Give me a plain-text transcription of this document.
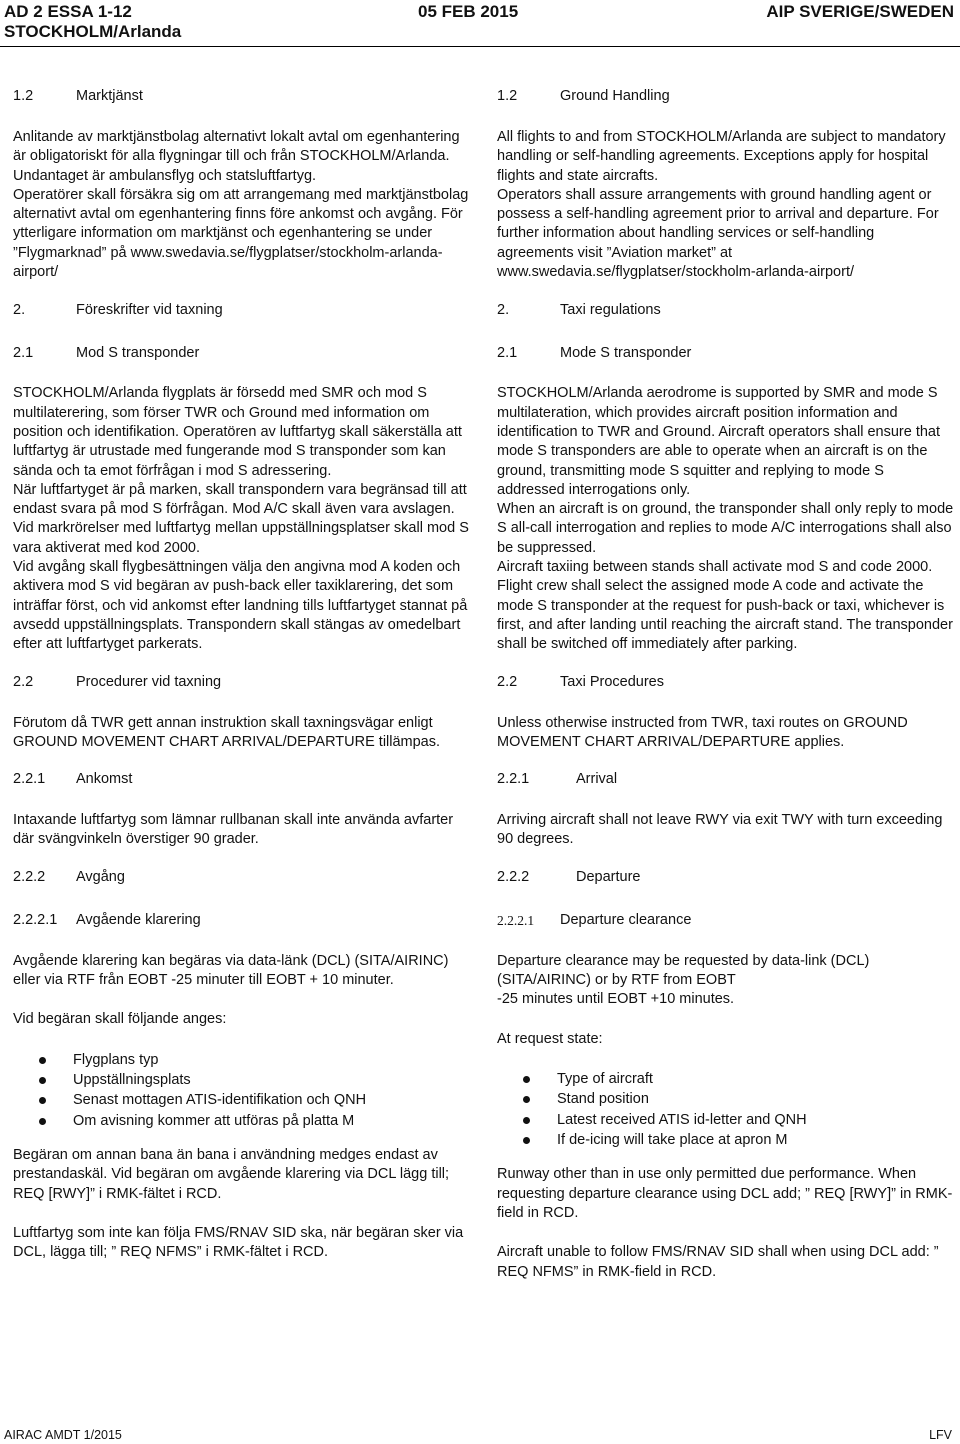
AD 2 ESSA 1-12
STOCKHOLM/Arlanda
05 FEB 2015	AIP SVERIGE/SWEDEN
1.2	Marktjänst

Anlitande av marktjänstbolag alternativt lokalt avtal om egenhantering är obligatoriskt för alla flygningar till och från STOCKHOLM/Arlanda. Undantaget är ambulansflyg och statsluftfartyg.

Operatörer skall försäkra sig om att arrangemang med marktjänstbolag alternativt avtal om egenhantering finns före ankomst och avgång. För ytterligare information om marktjänst och egenhantering se under ”Flygmarknad” på www.swedavia.se/flygplatser/stockholm-arlanda-airport/

2.	Föreskrifter vid taxning
2.1	Mod S transponder

STOCKHOLM/Arlanda flygplats är försedd med SMR och mod S multilaterering, som förser TWR och Ground med information om position och identifikation. Operatören av luftfartyg skall säkerställa att luftfartyg är utrustade med fungerande mod S transponder som kan sända och ta emot förfrågan i mod S adressering.

När luftfartyget är på marken, skall transpondern vara begränsad till att endast svara på mod S förfrågan. Mod A/C skall även vara avslagen.

Vid markrörelser med luftfartyg mellan uppställningsplatser skall mod S vara aktiverat med kod 2000.

Vid avgång skall flygbesättningen välja den angivna mod A koden och aktivera mod S vid begäran av push-back eller taxiklarering, det som inträffar först, och vid ankomst efter landning tills luftfartyget stannat på avsedd uppställningsplats. Transpondern skall stängas av omedelbart efter att luftfartyget parkerats.

2.2	Procedurer vid taxning

Förutom då TWR gett annan instruktion skall taxningsvägar enligt GROUND MOVEMENT CHART ARRIVAL/DEPARTURE tillämpas.

2.2.1	Ankomst

Intaxande luftfartyg som lämnar rullbanan skall inte använda avfarter där svängvinkeln överstiger 90 grader.

2.2.2	Avgång
2.2.2.1	Avgående klarering

Avgående klarering kan begäras via data-länk (DCL) (SITA/AIRINC) eller via RTF från EOBT -25 minuter till EOBT + 10 minuter.

Vid begäran skall följande anges:

Flygplans typ
Uppställningsplats
Senast mottagen ATIS-identifikation och QNH
Om avisning kommer att utföras på platta M

Begäran om annan bana än bana i användning medges endast av prestandaskäl. Vid begäran om avgående klarering via DCL lägg till; REQ [RWY]” i RMK-fältet i RCD.

Luftfartyg som inte kan följa FMS/RNAV SID ska, när begäran sker via DCL, lägga till; ” REQ NFMS” i RMK-fältet i RCD.

1.2	Ground Handling

All flights to and from STOCKHOLM/Arlanda are subject to mandatory handling or self-handling agreements. Exceptions apply for hospital flights and state aircrafts.

Operators shall assure arrangements with ground handling agent or possess a self-handling agreement prior to arrival and departure. For further information about handling services or self-handling agreements visit ”Aviation market” at www.swedavia.se/flygplatser/stockholm-arlanda-airport/

2.	Taxi regulations
2.1	Mode S transponder

STOCKHOLM/Arlanda aerodrome is supported by SMR and mode S multilateration, which provides aircraft position information and identification to TWR and Ground. Aircraft operators shall ensure that mode S transponders are able to operate when an aircraft is on the ground, transmitting mode S squitter and replying to mode S addressed interrogations only.

When an aircraft is on ground, the transponder shall only reply to mode S all-call interrogation and replies to mode A/C interrogations shall also be suppressed.

Aircraft taxiing between stands shall activate mod S and code 2000.

Flight crew shall select the assigned mode A code and activate the mode S transponder at the request for push-back or taxi, whichever is first, and after landing until reaching the aircraft stand. The transponder shall be switched off immediately after parking.

2.2	Taxi Procedures

Unless otherwise instructed from TWR, taxi routes on GROUND MOVEMENT CHART ARRIVAL/DEPARTURE applies.

2.2.1	Arrival

Arriving aircraft shall not leave RWY via exit TWY with turn exceeding 90 degrees.

2.2.2	Departure
2.2.2.1	Departure clearance

Departure clearance may be requested by data-link (DCL) (SITA/AIRINC) or by RTF from EOBT

-25 minutes until EOBT +10 minutes.

At request state:

Type of aircraft
Stand position
Latest received ATIS id-letter and QNH
If de-icing will take place at apron M

Runway other than in use only permitted due performance. When requesting departure clearance using DCL add; ” REQ [RWY]” in RMK-field in RCD.

Aircraft unable to follow FMS/RNAV SID shall when using DCL add: ” REQ NFMS” in RMK-field in RCD.

AIRAC AMDT 1/2015	LFV
